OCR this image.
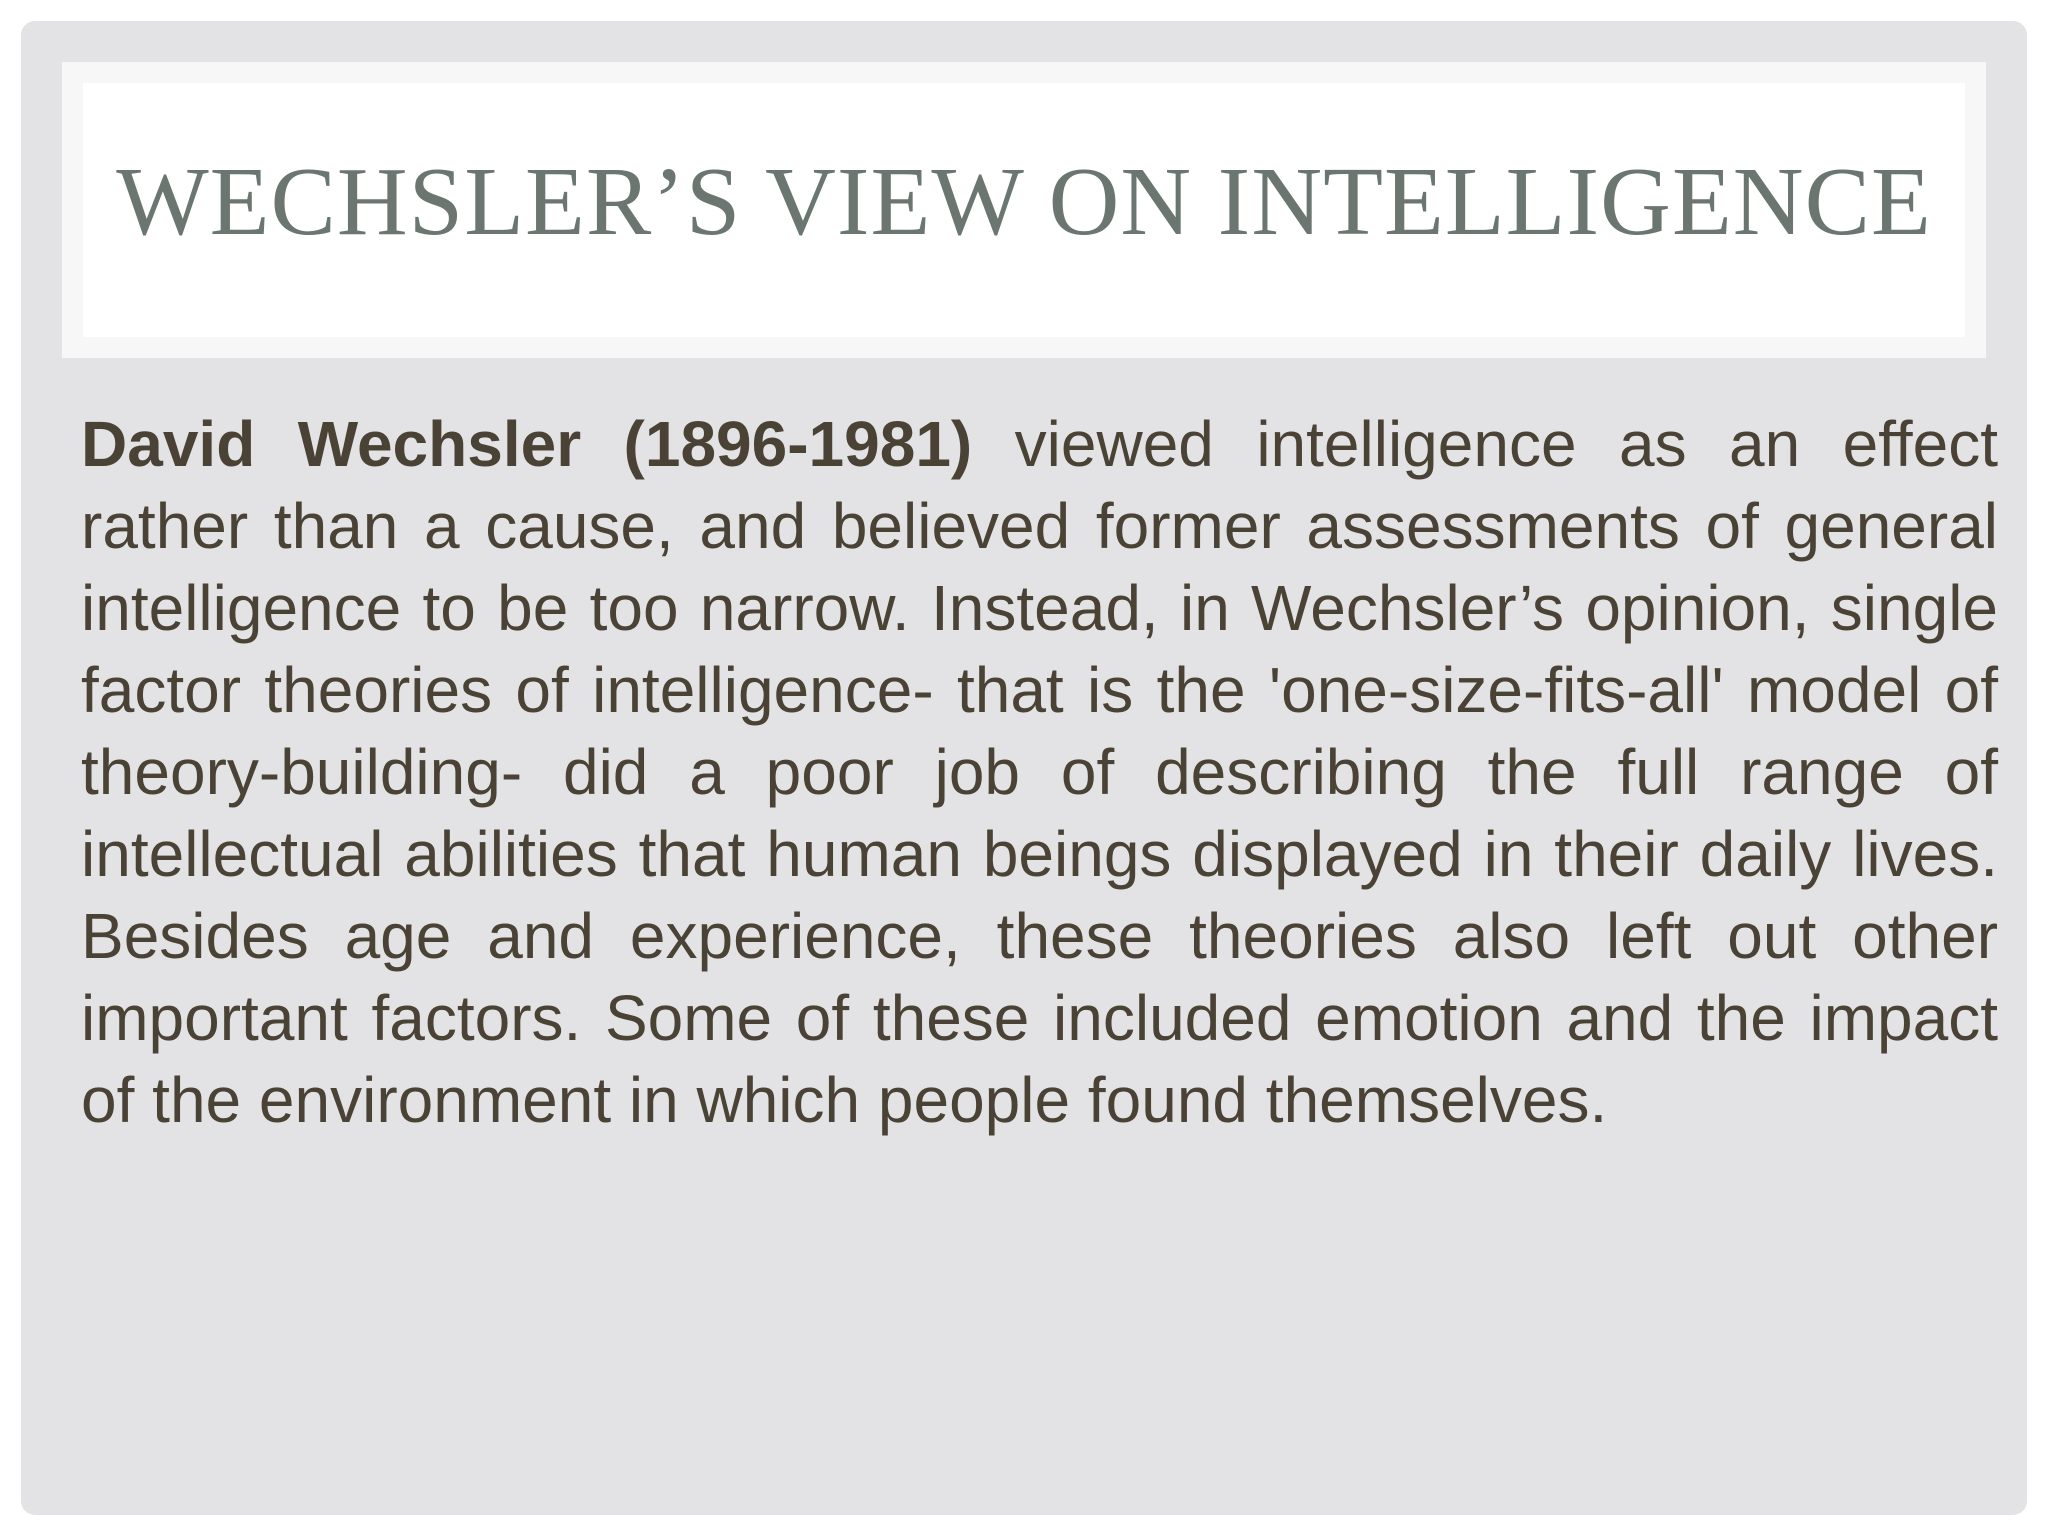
WECHSLER’S VIEW ON INTELLIGENCE

David Wechsler (1896-1981) viewed intelligence as an effect rather than a cause, and believed former assessments of general intelligence to be too narrow. Instead, in Wechsler’s opinion, single factor theories of intelligence- that is the 'one-size-fits-all' model of theory-building- did a poor job of describing the full range of intellectual abilities that human beings displayed in their daily lives. Besides age and experience, these theories also left out other important factors. Some of these included emotion and the impact of the environment in which people found themselves.
